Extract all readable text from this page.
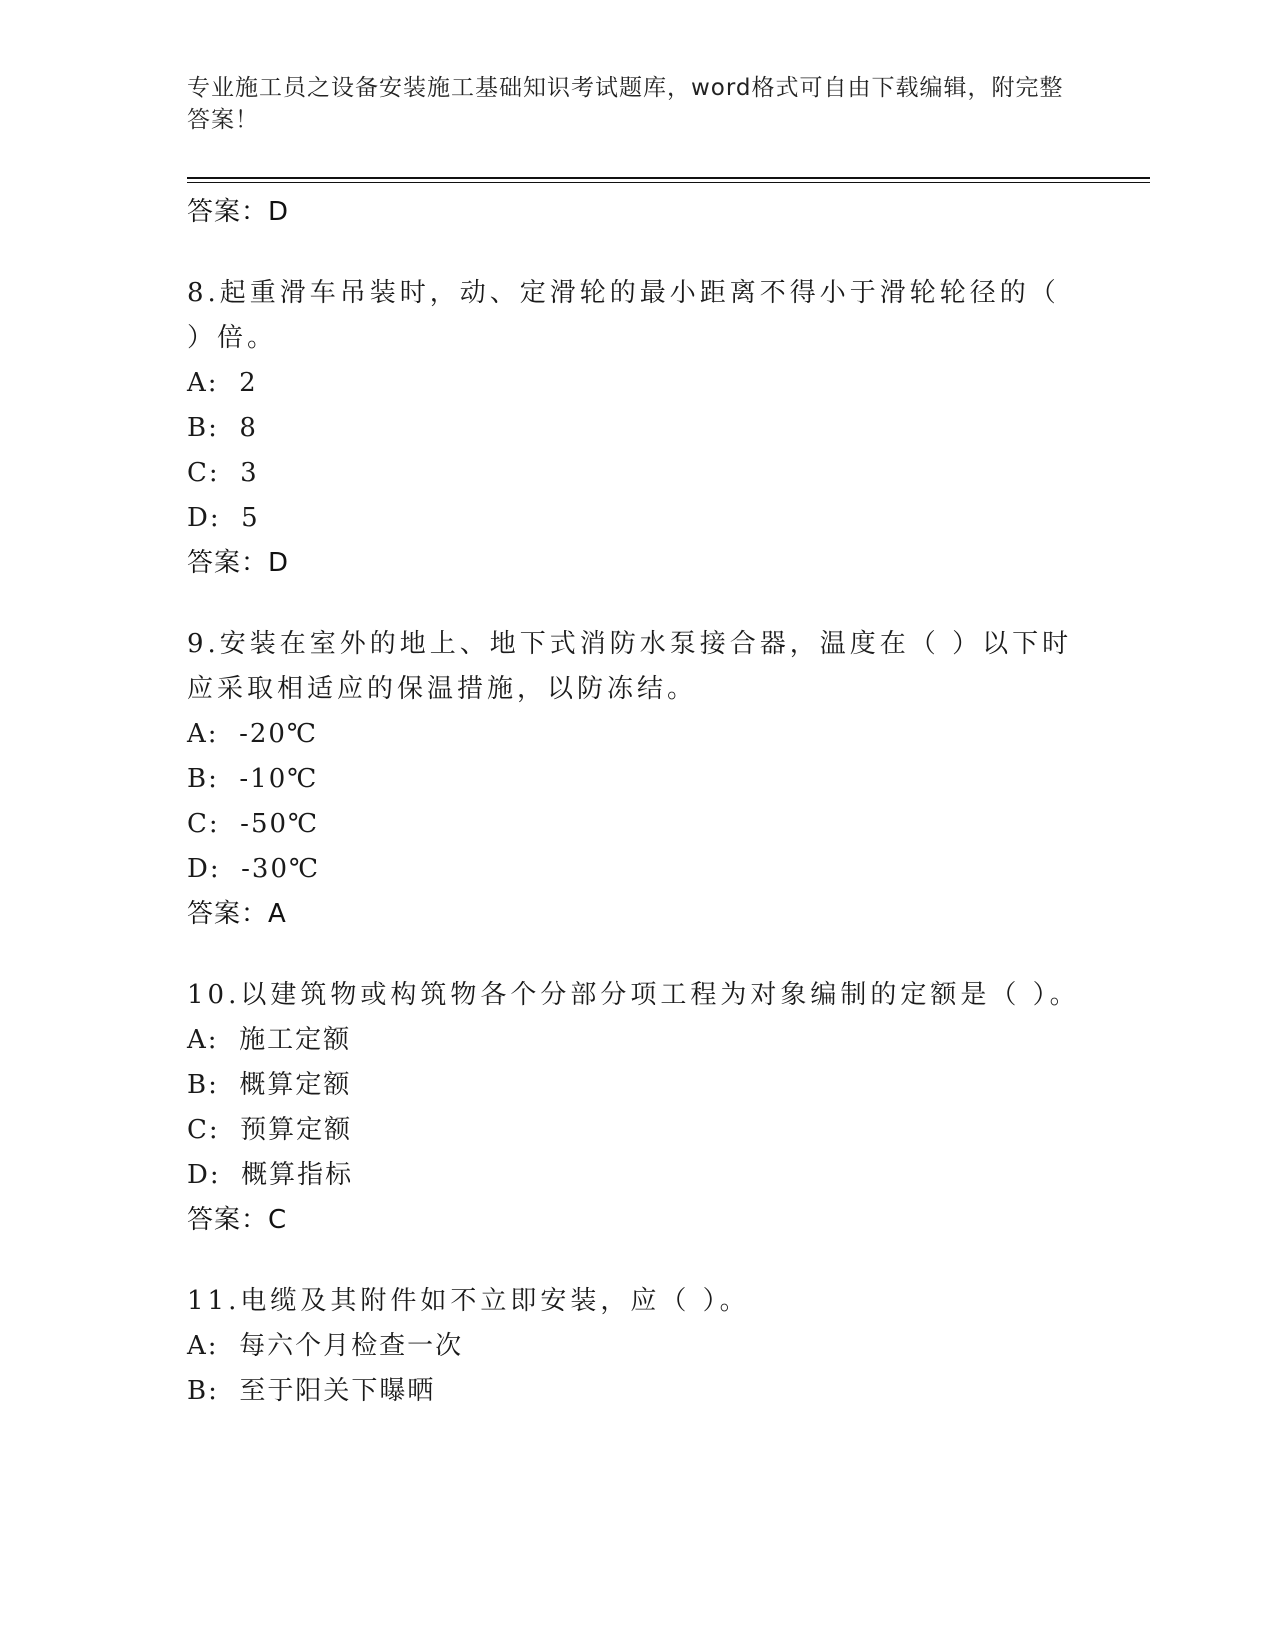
专业施工员之设备安装施工基础知识考试题库，word格式可自由下载编辑，附完整答案！
答案：D
8.起重滑车吊装时，动、定滑轮的最小距离不得小于滑轮轮径的（ ）倍。
A:  2
B:  8
C:  3
D:  5
答案：D
9.安装在室外的地上、地下式消防水泵接合器，温度在（ ）以下时应采取相适应的保温措施，以防冻结。
A:  -20℃
B:  -10℃
C:  -50℃
D:  -30℃
答案：A
10.以建筑物或构筑物各个分部分项工程为对象编制的定额是（ ）。
A:  施工定额
B:  概算定额
C:  预算定额
D:  概算指标
答案：C
11.电缆及其附件如不立即安装，应（ ）。
A:  每六个月检查一次
B:  至于阳关下曝晒
